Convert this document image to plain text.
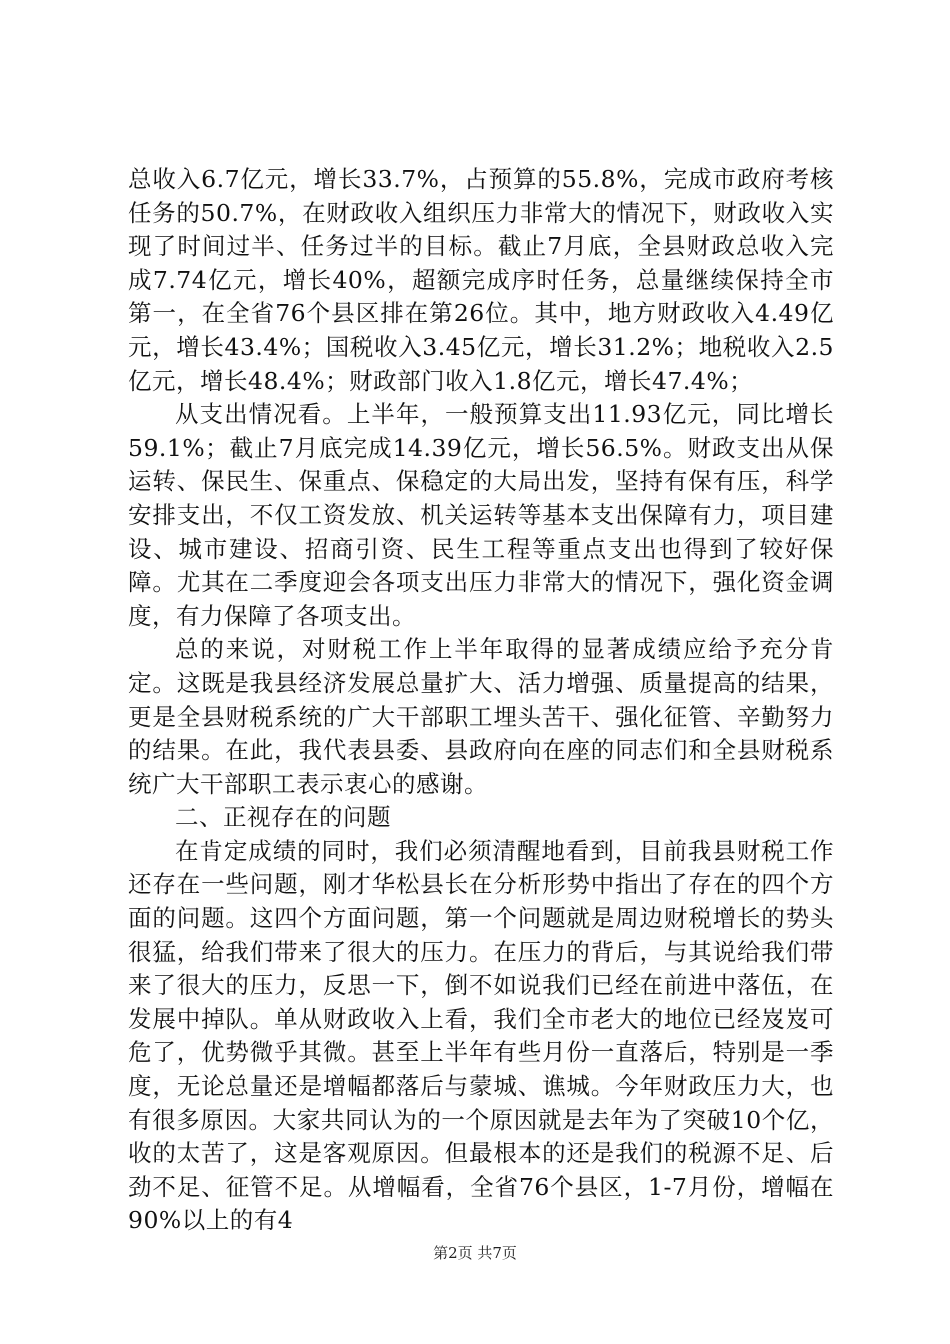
总收入6.7亿元，增长33.7%，占预算的55.8%，完成市政府考核任务的50.7%，在财政收入组织压力非常大的情况下，财政收入实现了时间过半、任务过半的目标。截止7月底，全县财政总收入完成7.74亿元，增长40%，超额完成序时任务，总量继续保持全市第一，在全省76个县区排在第26位。其中，地方财政收入4.49亿元，增长43.4%；国税收入3.45亿元，增长31.2%；地税收入2.5亿元，增长48.4%；财政部门收入1.8亿元，增长47.4%；

从支出情况看。上半年，一般预算支出11.93亿元，同比增长59.1%；截止7月底完成14.39亿元，增长56.5%。财政支出从保运转、保民生、保重点、保稳定的大局出发，坚持有保有压，科学安排支出，不仅工资发放、机关运转等基本支出保障有力，项目建设、城市建设、招商引资、民生工程等重点支出也得到了较好保障。尤其在二季度迎会各项支出压力非常大的情况下，强化资金调度，有力保障了各项支出。

总的来说，对财税工作上半年取得的显著成绩应给予充分肯定。这既是我县经济发展总量扩大、活力增强、质量提高的结果，更是全县财税系统的广大干部职工埋头苦干、强化征管、辛勤努力的结果。在此，我代表县委、县政府向在座的同志们和全县财税系统广大干部职工表示衷心的感谢。

二、正视存在的问题

在肯定成绩的同时，我们必须清醒地看到，目前我县财税工作还存在一些问题，刚才华松县长在分析形势中指出了存在的四个方面的问题。这四个方面问题，第一个问题就是周边财税增长的势头很猛，给我们带来了很大的压力。在压力的背后，与其说给我们带来了很大的压力，反思一下，倒不如说我们已经在前进中落伍，在发展中掉队。单从财政收入上看，我们全市老大的地位已经岌岌可危了，优势微乎其微。甚至上半年有些月份一直落后，特别是一季度，无论总量还是增幅都落后与蒙城、谯城。今年财政压力大，也有很多原因。大家共同认为的一个原因就是去年为了突破10个亿，收的太苦了，这是客观原因。但最根本的还是我们的税源不足、后劲不足、征管不足。从增幅看，全省76个县区，1-7月份，增幅在90%以上的有4

第2页 共7页
